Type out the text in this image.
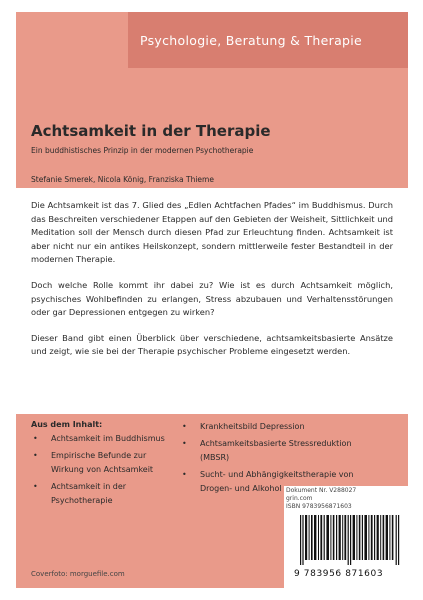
Psychologie, Beratung & Therapie
Achtsamkeit in der Therapie
Ein buddhistisches Prinzip in der modernen Psychotherapie
Stefanie Smerek, Nicola König, Franziska Thieme

Die Achtsamkeit ist das 7. Glied des „Edlen Achtfachen Pfades“ im Buddhismus. Durch das Beschreiten verschiedener Etappen auf den Gebieten der Weisheit, Sittlichkeit und Meditation soll der Mensch durch diesen Pfad zur Erleuchtung finden. Achtsamkeit ist aber nicht nur ein antikes Heilskonzept, sondern mittlerweile fester Bestandteil in der modernen Therapie.

Doch welche Rolle kommt ihr dabei zu? Wie ist es durch Achtsamkeit möglich, psychisches Wohlbefinden zu erlangen, Stress abzubauen und Verhaltensstörungen oder gar Depressionen entgegen zu wirken?

Dieser Band gibt einen Überblick über verschiedene, achtsamkeitsbasierte Ansätze und zeigt, wie sie bei der Therapie psychischer Probleme eingesetzt werden.

Aus dem Inhalt:
• Achtsamkeit im Buddhismus
• Empirische Befunde zur Wirkung von Achtsamkeit
• Achtsamkeit in der Psychotherapie
• Krankheitsbild Depression
• Achtsamkeitsbasierte Stressreduktion (MBSR)
• Sucht- und Abhängigkeitstherapie von Drogen- und Alkohol Dokument Nr. V288027
grin.com
ISBN 9783956871603
9 783956 871603
Coverfoto: morguefile.com
